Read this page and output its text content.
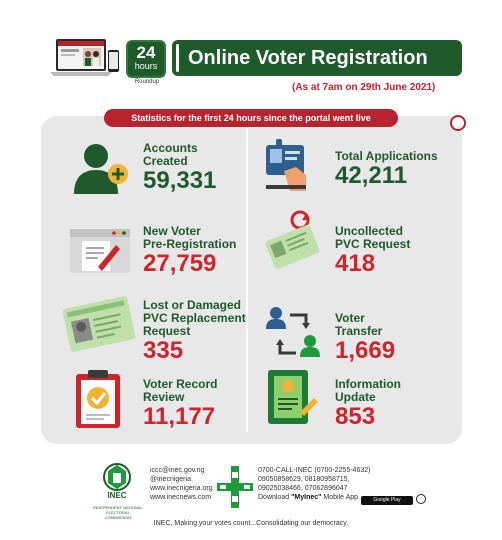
24
hours
Roundup
Online Voter Registration
(As at 7am on 29th June 2021)
Statistics for the first 24 hours since the portal went live
Accounts
Created
59,331
Total Applications
42,211
New Voter
Pre-Registration
27,759
Uncollected
PVC Request
418
Lost or Damaged
PVC Replacement
Request
335
Voter
Transfer
1,669
Voter Record
Review
11,177
Information
Update
853
INEC
INDEPENDENT NATIONAL ELECTORAL COMMISSION
iccc@inec.gov.ng
@inecnigeria
www.inecnigeria.org
www.inecnews.com
0700-CALL-INEC (0700-2255-4632)
09050858629, 08180958715,
09025038466, 07062896047
Download "MyInec" Mobile App	Google Play
INEC, Making your votes count...Consolidating our democracy.
